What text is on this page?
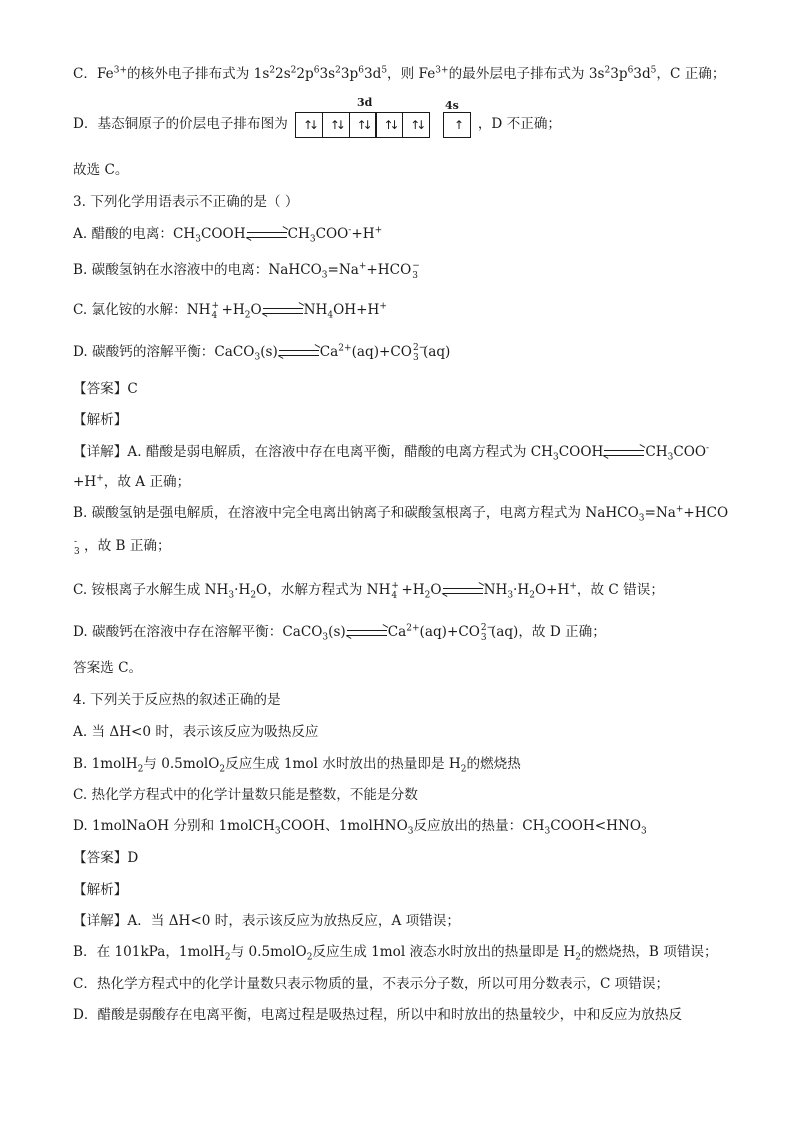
C．$Fe^{3+}$的核外电子排布式为 $1s^22s^22p^63s^23p^63d^5$，则 $Fe^{3+}$的最外层电子排布式为 $3s^23p^63d^5$，C 正确；
D．基态铜原子的价层电子排布图为	，D 不正确；
3d	4s
↑
↓ ↑
↓ ↑
↓ ↑
↓ ↑
↓ ↑
故选 C。
3. 下列化学用语表示不正确的是（ ）
A. 醋酸的电离：$CH_3COOH$	$CH_3COO^-+H^+$
B. 碳酸氢钠在水溶液中的电离：NaHCO$_3$=Na++HCO −
3
C. 氯化铵的水解：NH +
$4 +H_2O$	$NH_4OH+H^+$
D. 碳酸钙的溶解平衡：CaCO$_3$(s)	$Ca^{2+}(aq)+CO$ 2−
3 (aq)
【答案】C
【解析】
【详解】A. 醋酸是弱电解质，在溶液中存在电离平衡，醋酸的电离方程式为 $CH_3COOH$	$CH_3COO^-$
+H+，故 A 正确；
B. 碳酸氢钠是强电解质，在溶液中完全电离出钠离子和碳酸氢根离子，电离方程式为 NaHCO$_3$=Na++HCO
-
3 ，故 B 正确；
C. 铵根离子水解生成 $NH_3\cdot H_2O$，水解方程式为 NH +
$4 +H_2O$	$NH_3\cdot H_2O+H^+$，故 C 错误；
D. 碳酸钙在溶液中存在溶解平衡：CaCO$_3$(s)	$Ca^{2+}(aq)+CO$ 2−
3 (aq)，故 D 正确；
答案选 C。
4. 下列关于反应热的叙述正确的是
A. 当 ΔH<0 时，表示该反应为吸热反应
B. 1molH$_2$与 0.5molO$_2$反应生成 1mol 水时放出的热量即是 $H_2$的燃烧热
C. 热化学方程式中的化学计量数只能是整数，不能是分数
D. 1molNaOH 分别和 1molCH$_3$COOH、1molHNO$_3$反应放出的热量：$CH_3COOH<HNO_3$
【答案】D
【解析】
【详解】A．当 ΔH<0 时，表示该反应为放热反应，A 项错误；
B．在 101kPa，1molH$_2$与 0.5molO$_2$反应生成 1mol 液态水时放出的热量即是 $H_2$的燃烧热，B 项错误；
C．热化学方程式中的化学计量数只表示物质的量，不表示分子数，所以可用分数表示，C 项错误；
D．醋酸是弱酸存在电离平衡，电离过程是吸热过程，所以中和时放出的热量较少，中和反应为放热反
